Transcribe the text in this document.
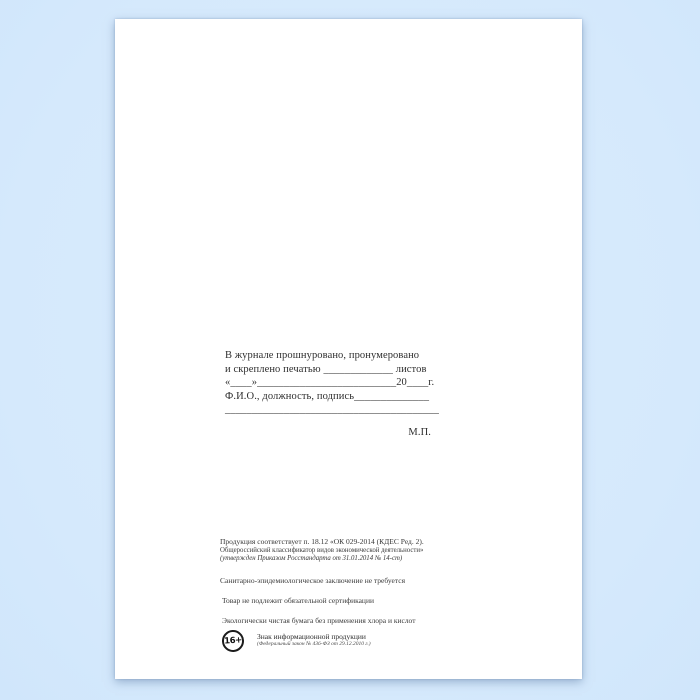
В журнале прошнуровано, пронумеровано
и скреплено печатью _____________ листов
«____»__________________________20____г.
Ф.И.О., должность, подпись______________
________________________________________
М.П.
Продукция соответствует п. 18.12 «ОК 029-2014 (КДЕС Ред. 2).
Общероссийский классификатор видов экономической деятельности»
(утвержден Приказом Росстандарта от 31.01.2014 № 14-ст)
Санитарно-эпидемиологическое заключение не требуется
Товар не подлежит обязательной сертификации
Экологически чистая бумага без применения хлора и кислот
16+	Знак информационной продукции
(Федеральный закон № 436-ФЗ от 29.12.2010 г.)
